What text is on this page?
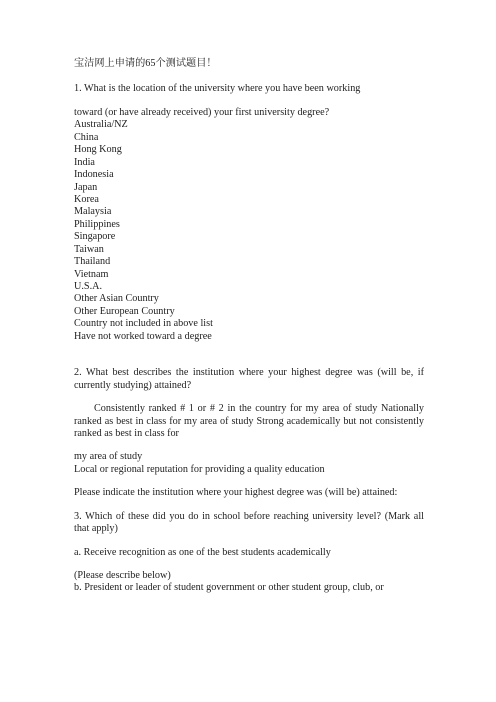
宝洁网上申请的65个测试题目！

1. What is the location of the university where you have been working

toward (or have already received) your first university degree?

Australia/NZ

China

Hong Kong

India

Indonesia

Japan

Korea

Malaysia

Philippines

Singapore

Taiwan

Thailand

Vietnam

U.S.A.

Other Asian Country

Other European Country

Country not included in above list

Have not worked toward a degree

2. What best describes the institution where your highest degree was (will be, if currently studying) attained?

Consistently ranked # 1 or # 2 in the country for my area of study Nationally ranked as best in class for my area of study Strong academically but not consistently ranked as best in class for

my area of study

Local or regional reputation for providing a quality education

Please indicate the institution where your highest degree was (will be) attained:

3. Which of these did you do in school before reaching university level? (Mark all that apply)

a. Receive recognition as one of the best students academically

(Please describe below)

b. President or leader of student government or other student group, club, or
